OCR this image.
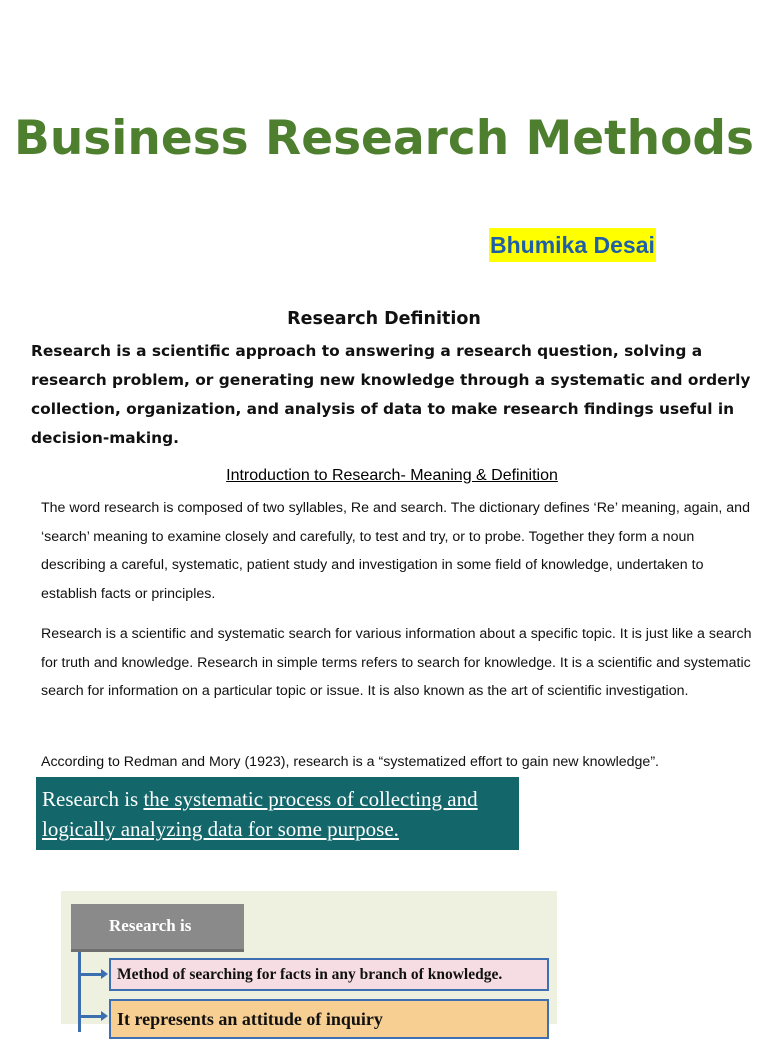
Business Research Methods
Bhumika Desai
Research Definition

Research is a scientific approach to answering a research question, solving a research problem, or generating new knowledge through a systematic and orderly collection, organization, and analysis of data to make research findings useful in decision-making.

Introduction to Research- Meaning & Definition

The word research is composed of two syllables, Re and search. The dictionary defines ‘Re’ meaning, again, and ‘search’ meaning to examine closely and carefully, to test and try, or to probe. Together they form a noun describing a careful, systematic, patient study and investigation in some field of knowledge, undertaken to establish facts or principles.

Research is a scientific and systematic search for various information about a specific topic. It is just like a search for truth and knowledge. Research in simple terms refers to search for knowledge. It is a scientific and systematic search for information on a particular topic or issue. It is also known as the art of scientific investigation.

According to Redman and Mory (1923), research is a “systematized effort to gain new knowledge”.

Research is the systematic process of collecting and logically analyzing data for some purpose.
Research is
Method of searching for facts in any branch of knowledge.
It represents an attitude of inquiry
